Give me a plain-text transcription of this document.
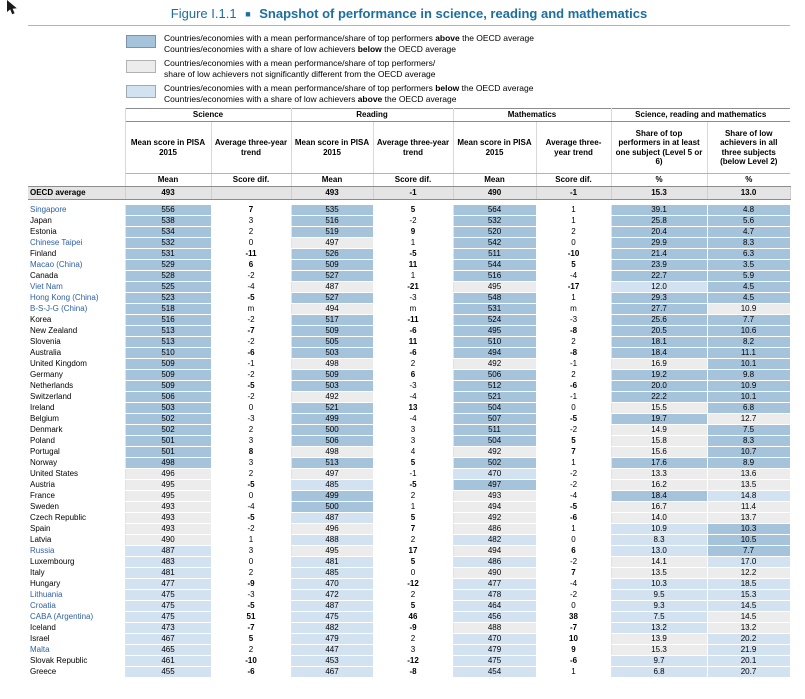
Figure I.1.1 ■ Snapshot of performance in science, reading and mathematics
Countries/economies with a mean performance/share of top performers above the OECD average
Countries/economies with a share of low achievers below the OECD average
Countries/economies with a mean performance/share of top performers/
share of low achievers not significantly different from the OECD average
Countries/economies with a mean performance/share of top performers below the OECD average
Countries/economies with a share of low achievers above the OECD average
	Science		Reading		Mathematics		Science, reading and mathematics	
	Mean score in PISA 2015	Average three-year trend	Mean score in PISA 2015	Average three-year trend	Mean score in PISA 2015	Average three-year trend	Share of top performers in at least one subject (Level 5 or 6)	Share of low achievers in all three subjects (below Level 2)
	Mean	Score dif.	Mean	Score dif.	Mean	Score dif.	%	%
OECD average	493		493	-1	490	-1	15.3	13.0

Singapore	556	7	535	5	564	1	39.1	4.8
Japan	538	3	516	-2	532	1	25.8	5.6
Estonia	534	2	519	9	520	2	20.4	4.7
Chinese Taipei	532	0	497	1	542	0	29.9	8.3
Finland	531	-11	526	-5	511	-10	21.4	6.3
Macao (China)	529	6	509	11	544	5	23.9	3.5
Canada	528	-2	527	1	516	-4	22.7	5.9
Viet Nam	525	-4	487	-21	495	-17	12.0	4.5
Hong Kong (China)	523	-5	527	-3	548	1	29.3	4.5
B-S-J-G (China)	518	m	494	m	531	m	27.7	10.9
Korea	516	-2	517	-11	524	-3	25.6	7.7
New Zealand	513	-7	509	-6	495	-8	20.5	10.6
Slovenia	513	-2	505	11	510	2	18.1	8.2
Australia	510	-6	503	-6	494	-8	18.4	11.1
United Kingdom	509	-1	498	2	492	-1	16.9	10.1
Germany	509	-2	509	6	506	2	19.2	9.8
Netherlands	509	-5	503	-3	512	-6	20.0	10.9
Switzerland	506	-2	492	-4	521	-1	22.2	10.1
Ireland	503	0	521	13	504	0	15.5	6.8
Belgium	502	-3	499	-4	507	-5	19.7	12.7
Denmark	502	2	500	3	511	-2	14.9	7.5
Poland	501	3	506	3	504	5	15.8	8.3
Portugal	501	8	498	4	492	7	15.6	10.7
Norway	498	3	513	5	502	1	17.6	8.9
United States	496	2	497	-1	470	-2	13.3	13.6
Austria	495	-5	485	-5	497	-2	16.2	13.5
France	495	0	499	2	493	-4	18.4	14.8
Sweden	493	-4	500	1	494	-5	16.7	11.4
Czech Republic	493	-5	487	5	492	-6	14.0	13.7
Spain	493	-2	496	7	486	1	10.9	10.3
Latvia	490	1	488	2	482	0	8.3	10.5
Russia	487	3	495	17	494	6	13.0	7.7
Luxembourg	483	0	481	5	486	-2	14.1	17.0
Italy	481	2	485	0	490	7	13.5	12.2
Hungary	477	-9	470	-12	477	-4	10.3	18.5
Lithuania	475	-3	472	2	478	-2	9.5	15.3
Croatia	475	-5	487	5	464	0	9.3	14.5
CABA (Argentina)	475	51	475	46	456	38	7.5	14.5
Iceland	473	-7	482	-9	488	-7	13.2	13.2
Israel	467	5	479	2	470	10	13.9	20.2
Malta	465	2	447	3	479	9	15.3	21.9
Slovak Republic	461	-10	453	-12	475	-6	9.7	20.1
Greece	455	-6	467	-8	454	1	6.8	20.7
